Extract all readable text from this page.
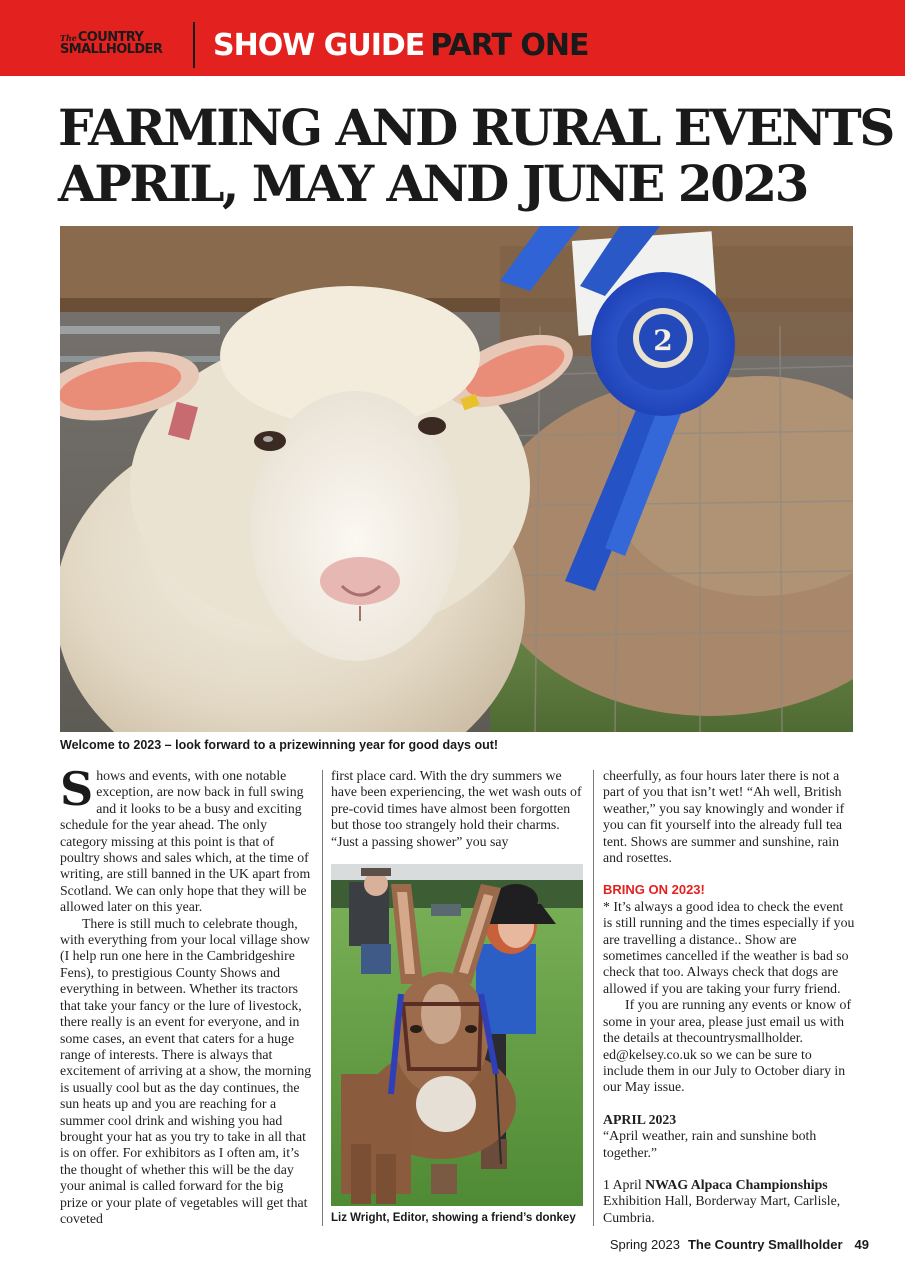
TheCOUNTRY
SMALLHOLDER	SHOW GUIDE PART ONE
FARMING AND RURAL EVENTS
APRIL, MAY AND JUNE 2023
2
Welcome to 2023 – look forward to a prizewinning year for good days out!

Shows and events, with one notable exception, are now back in full swing and it looks to be a busy and exciting schedule for the year ahead. The only category missing at this point is that of poultry shows and sales which, at the time of writing, are still banned in the UK apart from Scotland. We can only hope that they will be allowed later on this year.

There is still much to celebrate though, with everything from your local village show (I help run one here in the Cambridgeshire Fens), to prestigious County Shows and everything in between. Whether its tractors that take your fancy or the lure of livestock, there really is an event for everyone, and in some cases, an event that caters for a huge range of interests. There is always that excitement of arriving at a show, the morning is usually cool but as the day continues, the sun heats up and you are reaching for a summer cool drink and wishing you had brought your hat as you try to take in all that is on offer. For exhibitors as I often am, it’s the thought of whether this will be the day your animal is called forward for the big prize or your plate of vegetables will get that coveted

first place card. With the dry summers we have been experiencing, the wet wash outs of pre-covid times have almost been forgotten but those too strangely hold their charms. “Just a passing shower” you say

Liz Wright, Editor, showing a friend’s donkey

cheerfully, as four hours later there is not a part of you that isn’t wet! “Ah well, British weather,” you say knowingly and wonder if you can fit yourself into the already full tea tent. Shows are summer and sunshine, rain and rosettes.

BRING ON 2023!

* It’s always a good idea to check the event is still running and the times especially if you are travelling a distance.. Show are sometimes cancelled if the weather is bad so check that too. Always check that dogs are allowed if you are taking your furry friend.

If you are running any events or know of some in your area, please just email us with the details at thecountrysmallholder. ed@kelsey.co.uk so we can be sure to include them in our July to October diary in our May issue.

APRIL 2023

“April weather, rain and sunshine both together.”

1 April NWAG Alpaca Championships
Exhibition Hall, Borderway Mart, Carlisle, Cumbria.

Spring 2023 The Country Smallholder 49
